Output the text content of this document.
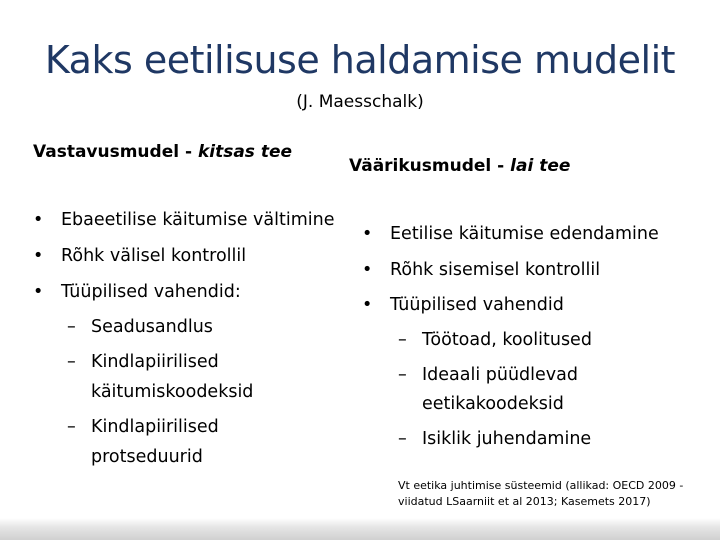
Kaks eetilisuse haldamise mudelit
(J. Maesschalk)
Vastavusmudel - kitsas tee
Väärikusmudel - lai tee
• Ebaeetilise käitumise vältimine
• Rõhk välisel kontrollil
• Tüüpilised vahendid:
– Seadusandlus
– Kindlapiirilised
käitumiskoodeksid
– Kindlapiirilised
protseduurid
• Eetilise käitumise edendamine
• Rõhk sisemisel kontrollil
• Tüüpilised vahendid
– Töötoad, koolitused
– Ideaali püüdlevad
eetikakoodeksid
– Isiklik juhendamine
Vt eetika juhtimise süsteemid (allikad: OECD 2009 -
viidatud LSaarniit et al 2013; Kasemets 2017)
